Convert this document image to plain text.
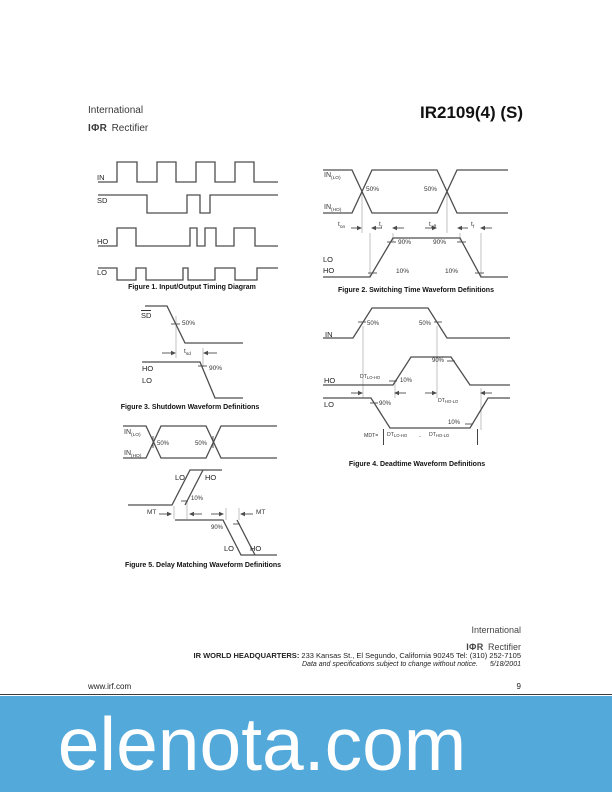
International
IΦR Rectifier
IR2109(4) (S)
IN
SD
HO
LO
Figure 1. Input/Output Timing Diagram
$IN_{(LO)}$
$IN_{(HO)}$
50%	50%
$t_{on}$	$t_r$	$t_{off}$	$t_f$
90%	90%
10%	10%
LO
HO
Figure 2. Switching Time Waveform Definitions
SD
50%
$t_{sd}$
HO
LO
90%
Figure 3. Shutdown Waveform Definitions
IN
50%	50%
HO
LO
$DT_{LO-HO}$
10%
90%
90%
10%
$DT_{HO-LO}$
$MDT= DT_{LO-HO} - DT_{HO-LO}$
Figure 4. Deadtime Waveform Definitions
$IN_{(LO)}$
$IN_{(HO)}$
50%	50%
LO	HO
10%
MT	MT
90%
LO HO
Figure 5. Delay Matching Waveform Definitions
International
IΦR Rectifier
IR WORLD HEADQUARTERS: 233 Kansas St., El Segundo, California 90245 Tel: (310) 252-7105
Data and specifications subject to change without notice. 5/18/2001
www.irf.com	9
elenota.com
